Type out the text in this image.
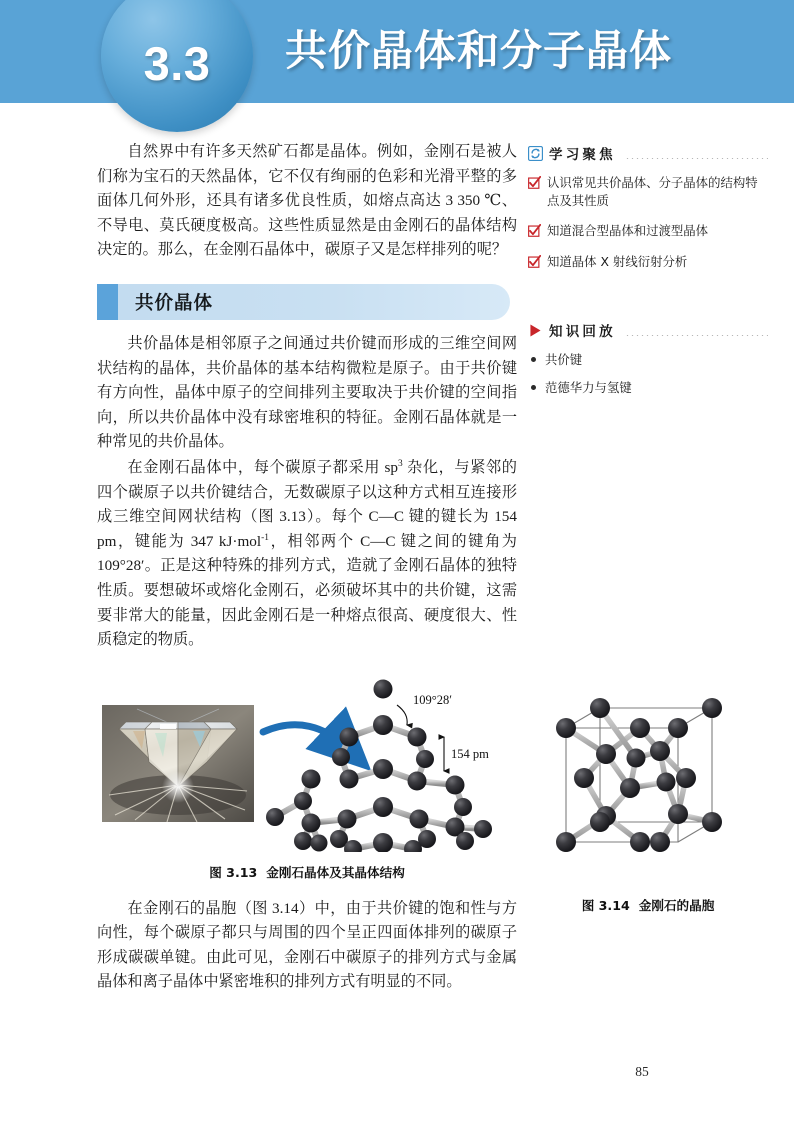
3.3	共价晶体和分子晶体

自然界中有许多天然矿石都是晶体。例如，金刚石是被人们称为宝石的天然晶体，它不仅有绚丽的色彩和光滑平整的多面体几何外形，还具有诸多优良性质，如熔点高达 3 350 ℃、不导电、莫氏硬度极高。这些性质显然是由金刚石的晶体结构决定的。那么，在金刚石晶体中，碳原子又是怎样排列的呢？

共价晶体

共价晶体是相邻原子之间通过共价键而形成的三维空间网状结构的晶体，共价晶体的基本结构微粒是原子。由于共价键有方向性，晶体中原子的空间排列主要取决于共价键的空间指向，所以共价晶体中没有球密堆积的特征。金刚石晶体就是一种常见的共价晶体。

在金刚石晶体中，每个碳原子都采用 $sp^3$ 杂化，与紧邻的四个碳原子以共价键结合，无数碳原子以这种方式相互连接形成三维空间网状结构（图 3.13）。每个 C—C 键的键长为 154 pm，键能为 347 kJ·mol$^{-1}$，相邻两个 C—C 键之间的键角为 109°28′。正是这种特殊的排列方式，造就了金刚石晶体的独特性质。要想破坏或熔化金刚石，必须破坏其中的共价键，这需要非常大的能量，因此金刚石是一种熔点很高、硬度很大、性质稳定的物质。

109°28′
154 pm
图 3.13 金刚石晶体及其晶体结构

在金刚石的晶胞（图 3.14）中，由于共价键的饱和性与方向性，每个碳原子都只与周围的四个呈正四面体排列的碳原子形成碳碳单键。由此可见，金刚石中碳原子的排列方式与金属晶体和离子晶体中紧密堆积的排列方式有明显的不同。

学习聚焦
认识常见共价晶体、分子晶体的结构特点及其性质
知道混合型晶体和过渡型晶体
知道晶体 X 射线衍射分析
知识回放
共价键
范德华力与氢键
图 3.14 金刚石的晶胞
85
